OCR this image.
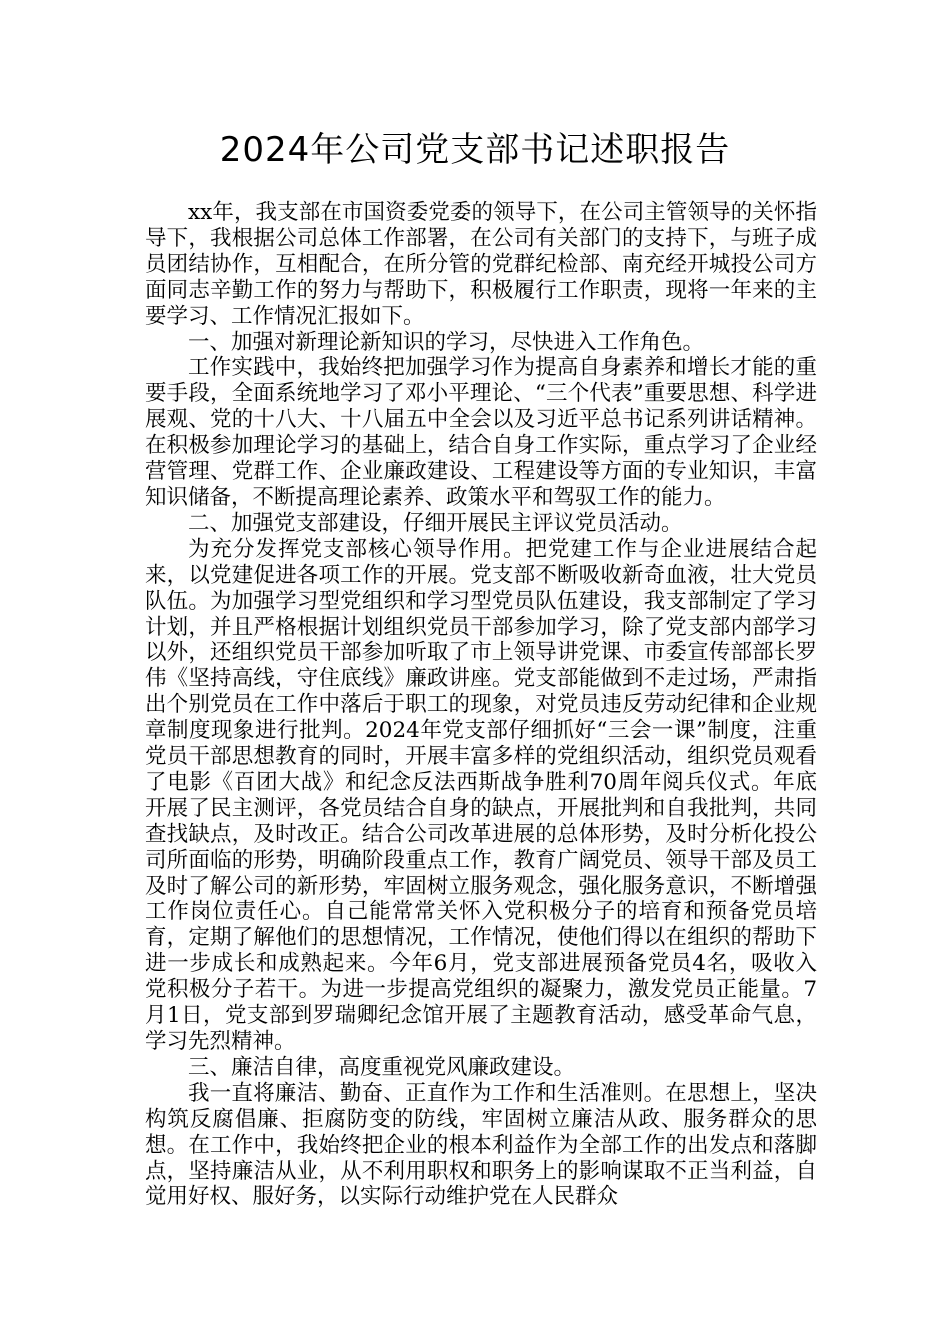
2024年公司党支部书记述职报告

xx年，我支部在市国资委党委的领导下，在公司主管领导的关怀指导下，我根据公司总体工作部署，在公司有关部门的支持下，与班子成员团结协作，互相配合，在所分管的党群纪检部、南充经开城投公司方面同志辛勤工作的努力与帮助下，积极履行工作职责，现将一年来的主要学习、工作情况汇报如下。

一、加强对新理论新知识的学习，尽快进入工作角色。

工作实践中，我始终把加强学习作为提高自身素养和增长才能的重要手段，全面系统地学习了邓小平理论、“三个代表”重要思想、科学进展观、党的十八大、十八届五中全会以及习近平总书记系列讲话精神。在积极参加理论学习的基础上，结合自身工作实际，重点学习了企业经营管理、党群工作、企业廉政建设、工程建设等方面的专业知识，丰富知识储备，不断提高理论素养、政策水平和驾驭工作的能力。

二、加强党支部建设，仔细开展民主评议党员活动。

为充分发挥党支部核心领导作用。把党建工作与企业进展结合起来，以党建促进各项工作的开展。党支部不断吸收新奇血液，壮大党员队伍。为加强学习型党组织和学习型党员队伍建设，我支部制定了学习计划，并且严格根据计划组织党员干部参加学习，除了党支部内部学习以外，还组织党员干部参加听取了市上领导讲党课、市委宣传部部长罗伟《坚持高线，守住底线》廉政讲座。党支部能做到不走过场，严肃指出个别党员在工作中落后于职工的现象，对党员违反劳动纪律和企业规章制度现象进行批判。2024年党支部仔细抓好“三会一课”制度，注重党员干部思想教育的同时，开展丰富多样的党组织活动，组织党员观看了电影《百团大战》和纪念反法西斯战争胜利70周年阅兵仪式。年底开展了民主测评，各党员结合自身的缺点，开展批判和自我批判，共同查找缺点，及时改正。结合公司改革进展的总体形势，及时分析化投公司所面临的形势，明确阶段重点工作，教育广阔党员、领导干部及员工及时了解公司的新形势，牢固树立服务观念，强化服务意识，不断增强工作岗位责任心。自己能常常关怀入党积极分子的培育和预备党员培育，定期了解他们的思想情况，工作情况，使他们得以在组织的帮助下进一步成长和成熟起来。今年6月，党支部进展预备党员4名，吸收入党积极分子若干。为进一步提高党组织的凝聚力，激发党员正能量。7月1日，党支部到罗瑞卿纪念馆开展了主题教育活动，感受革命气息，学习先烈精神。

三、廉洁自律，高度重视党风廉政建设。

我一直将廉洁、勤奋、正直作为工作和生活准则。在思想上，坚决构筑反腐倡廉、拒腐防变的防线，牢固树立廉洁从政、服务群众的思想。在工作中，我始终把企业的根本利益作为全部工作的出发点和落脚点，坚持廉洁从业，从不利用职权和职务上的影响谋取不正当利益，自觉用好权、服好务，以实际行动维护党在人民群众
